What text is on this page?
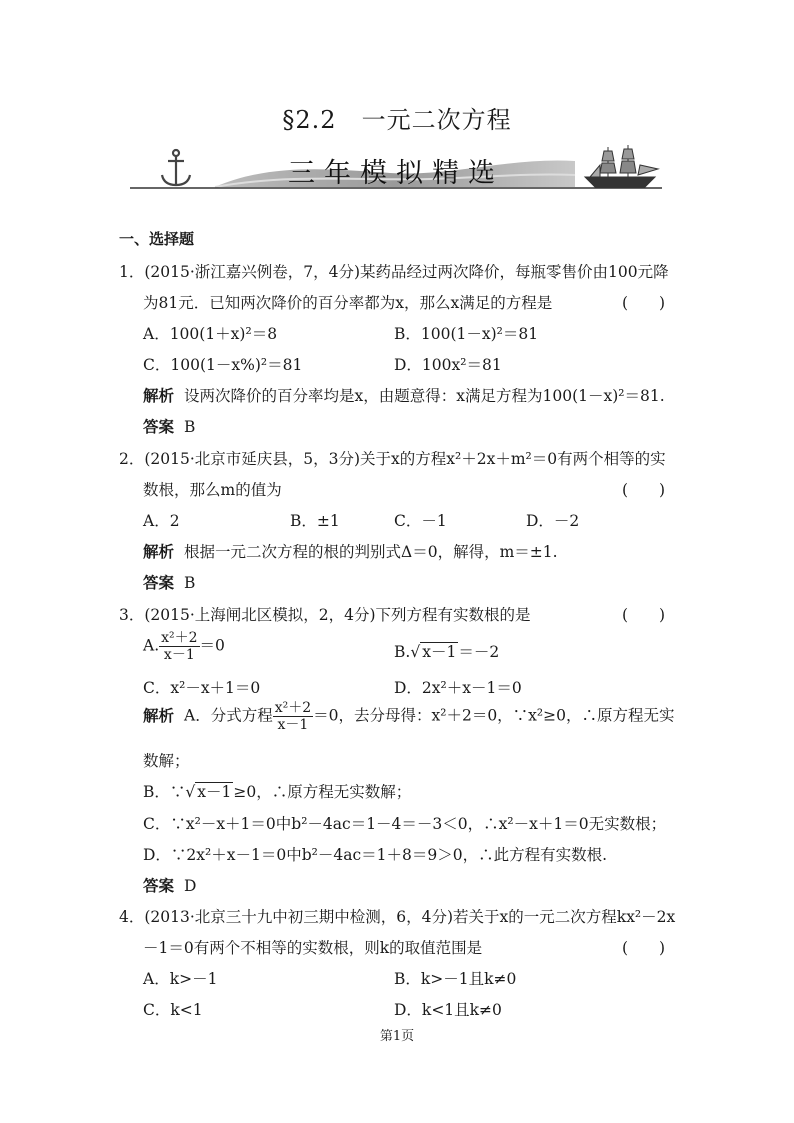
§2.2　一元二次方程
三年模拟精选
一、选择题
1．(2015·浙江嘉兴例卷，7，4分)某药品经过两次降价，每瓶零售价由100元降
为81元．已知两次降价的百分率都为x，那么x满足的方程是	(　　)
A．100(1＋x)²＝8	B．100(1－x)²＝81
C．100(1－x%)²＝81	D．100x²＝81
解析 设两次降价的百分率均是x，由题意得：x满足方程为100(1－x)²＝81.
答案 B
2．(2015·北京市延庆县，5，3分)关于x的方程x²＋2x＋m²＝0有两个相等的实
数根，那么m的值为	(　　)
A．2	B．±1	C．－1	D．－2
解析 根据一元二次方程的根的判别式Δ＝0，解得，m＝±1.
答案 B
3．(2015·上海闸北区模拟，2，4分)下列方程有实数根的是	(　　)
A. $\frac{\text{x²＋2}}{x-1} =0$	B.√ x－1 ＝－2
C．x²－x＋1＝0	D．2x²＋x－1＝0
解析 A．分式方程 $\frac{\text{x²＋2}}{x-1} =0$，去分母得：x²＋2＝0，∵x²≥0，∴原方程无实
数解；
B．∵√ x－1 ≥0，∴原方程无实数解；
C．∵x²－x＋1＝0中b²－4ac＝1－4＝－3＜0，∴x²－x＋1＝0无实数根；
D．∵2x²＋x－1＝0中b²－4ac＝1＋8＝9＞0，∴此方程有实数根.
答案 D
4．(2013·北京三十九中初三期中检测，6，4分)若关于x的一元二次方程kx²－2x
－1＝0有两个不相等的实数根，则k的取值范围是	(　　)
A．k>－1	B．k>－1且k≠0
C．k<1	D．k<1且k≠0
第1页
